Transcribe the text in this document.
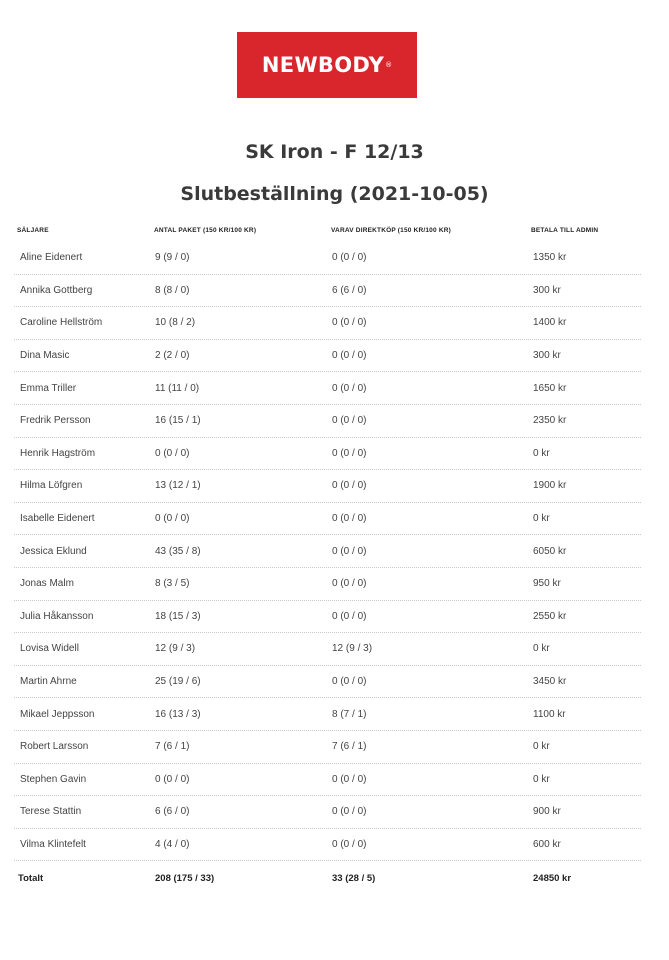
NEWBODY ®
SK Iron - F 12/13
Slutbeställning (2021-10-05)
SÄLJARE	ANTAL PAKET (150 KR/100 KR)	VARAV DIREKTKÖP (150 KR/100 KR)	BETALA TILL ADMIN
Aline Eidenert	9 (9 / 0)	0 (0 / 0)	1350 kr
Annika Gottberg	8 (8 / 0)	6 (6 / 0)	300 kr
Caroline Hellström	10 (8 / 2)	0 (0 / 0)	1400 kr
Dina Masic	2 (2 / 0)	0 (0 / 0)	300 kr
Emma Triller	11 (11 / 0)	0 (0 / 0)	1650 kr
Fredrik Persson	16 (15 / 1)	0 (0 / 0)	2350 kr
Henrik Hagström	0 (0 / 0)	0 (0 / 0)	0 kr
Hilma Löfgren	13 (12 / 1)	0 (0 / 0)	1900 kr
Isabelle Eidenert	0 (0 / 0)	0 (0 / 0)	0 kr
Jessica Eklund	43 (35 / 8)	0 (0 / 0)	6050 kr
Jonas Malm	8 (3 / 5)	0 (0 / 0)	950 kr
Julia Håkansson	18 (15 / 3)	0 (0 / 0)	2550 kr
Lovisa Widell	12 (9 / 3)	12 (9 / 3)	0 kr
Martin Ahrne	25 (19 / 6)	0 (0 / 0)	3450 kr
Mikael Jeppsson	16 (13 / 3)	8 (7 / 1)	1100 kr
Robert Larsson	7 (6 / 1)	7 (6 / 1)	0 kr
Stephen Gavin	0 (0 / 0)	0 (0 / 0)	0 kr
Terese Stattin	6 (6 / 0)	0 (0 / 0)	900 kr
Vilma Klintefelt	4 (4 / 0)	0 (0 / 0)	600 kr
Totalt	208 (175 / 33)	33 (28 / 5)	24850 kr
